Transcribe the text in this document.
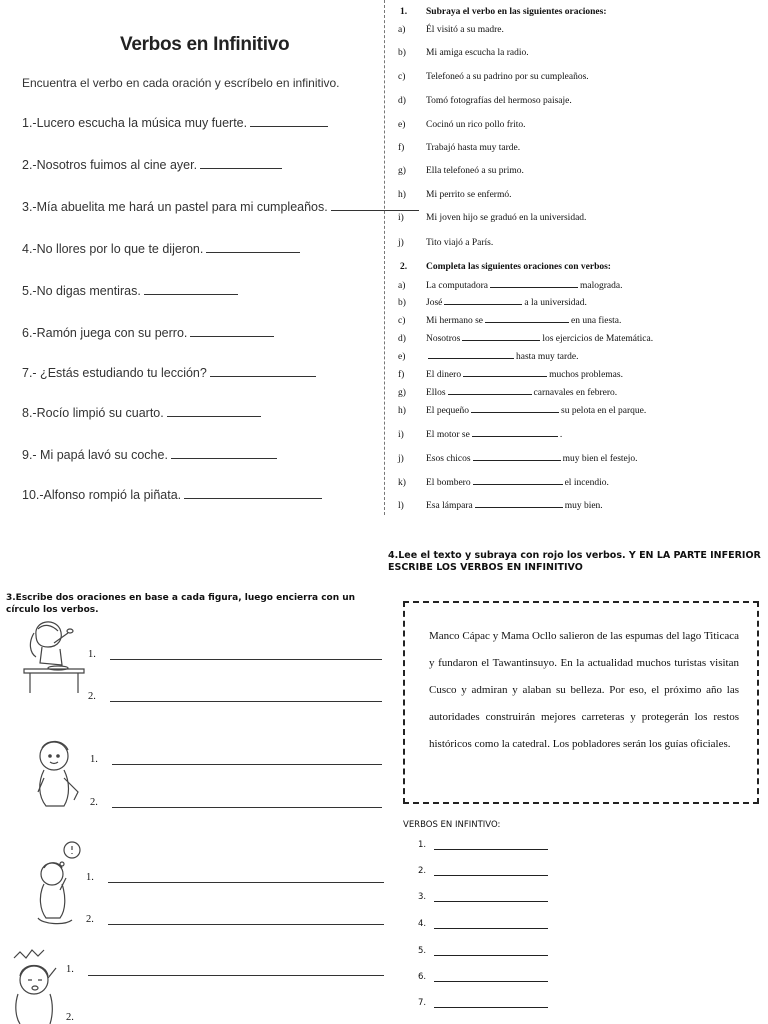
Verbos en Infinitivo
Encuentra el verbo en cada oración y escríbelo en infinitivo.
1.-Lucero escucha la música muy fuerte.
2.-Nosotros fuimos al cine ayer.
3.-Mía abuelita me hará un pastel para mi cumpleaños.
4.-No llores por lo que te dijeron.
5.-No digas mentiras.
6.-Ramón juega con su perro.
7.- ¿Estás estudiando tu lección?
8.-Rocío limpió su cuarto.
9.- Mi papá lavó su coche.
10.-Alfonso rompió la piñata.
1. Subraya el verbo en las siguientes oraciones:
a) Él visitó a su madre.
b) Mi amiga escucha la radio.
c) Telefoneó a su padrino por su cumpleaños.
d) Tomó fotografías del hermoso paisaje.
e) Cocinó un rico pollo frito.
f) Trabajó hasta muy tarde.
g) Ella telefoneó a su primo.
h) Mi perrito se enfermó.
i) Mi joven hijo se graduó en la universidad.
j) Tito viajó a París.
2. Completa las siguientes oraciones con verbos:
a) La computadora	malograda.
b) José	a la universidad.
c) Mi hermano se	en una fiesta.
d) Nosotros	los ejercicios de Matemática.
e)	hasta muy tarde.
f) El dinero	muchos problemas.
g) Ellos	carnavales en febrero.
h) El pequeño	su pelota en el parque.
i) El motor se	.
j) Esos chicos	muy bien el festejo.
k) El bombero	el incendio.
l) Esa lámpara	muy bien.
3.Escribe dos oraciones en base a cada figura, luego encierra con un círculo los verbos.
1.
2.
1.
2.
1.
2.
1.
2.
4.Lee el texto y subraya con rojo los verbos. Y EN LA PARTE INFERIOR ESCRIBE LOS VERBOS EN INFINITIVO
Manco Cápac y Mama Ocllo salieron de las espumas del lago Titicaca y fundaron el Tawantinsuyo. En la actualidad muchos turistas visitan Cusco y admiran y alaban su belleza. Por eso, el próximo año las autoridades construirán mejores carreteras y protegerán los restos históricos como la catedral. Los pobladores serán los guías oficiales.
VERBOS EN INFINTIVO:
1.
2.
3.
4.
5.
6.
7.
